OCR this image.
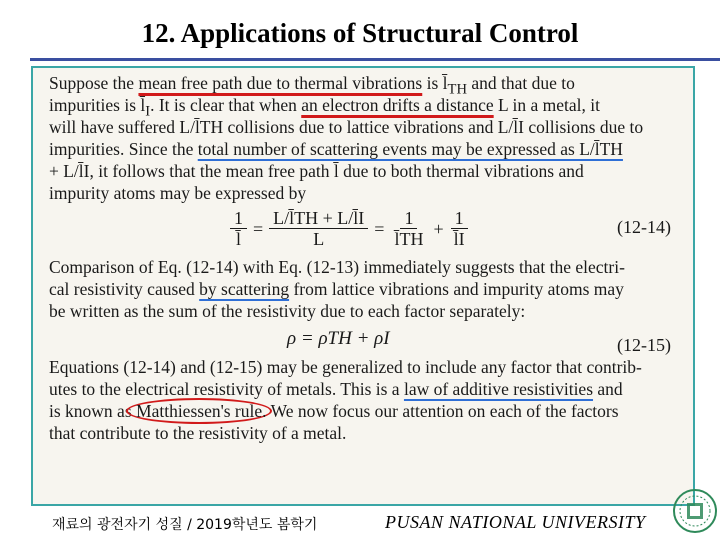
12. Applications of Structural Control
Suppose the mean free path due to thermal vibrations is $l̄_{TH}$ and that due to
impurities is $l̄_I$. It is clear that when an electron drifts a distance L in a metal, it
will have suffered L/l̄TH collisions due to lattice vibrations and L/l̄I collisions due to
impurities. Since the total number of scattering events may be expressed as L/l̄TH
+ L/l̄I, it follows that the mean free path l̄ due to both thermal vibrations and
impurity atoms may be expressed by
$\frac{1}{l̄} = \frac{L/l̄TH + L/l̄I}{L} = \frac{1}{l̄TH} + \frac{1}{l̄I}$	(12-14)
Comparison of Eq. (12-14) with Eq. (12-13) immediately suggests that the electri-
cal resistivity caused by scattering from lattice vibrations and impurity atoms may
be written as the sum of the resistivity due to each factor separately:
ρ = ρTH + ρI	(12-15)
Equations (12-14) and (12-15) may be generalized to include any factor that contrib-
utes to the electrical resistivity of metals. This is a law of additive resistivities and
is known as Matthiessen's rule. We now focus our attention on each of the factors
that contribute to the resistivity of a metal.
재료의 광전자기 성질 / 2019학년도 봄학기	PUSAN NATIONAL UNIVERSITY
